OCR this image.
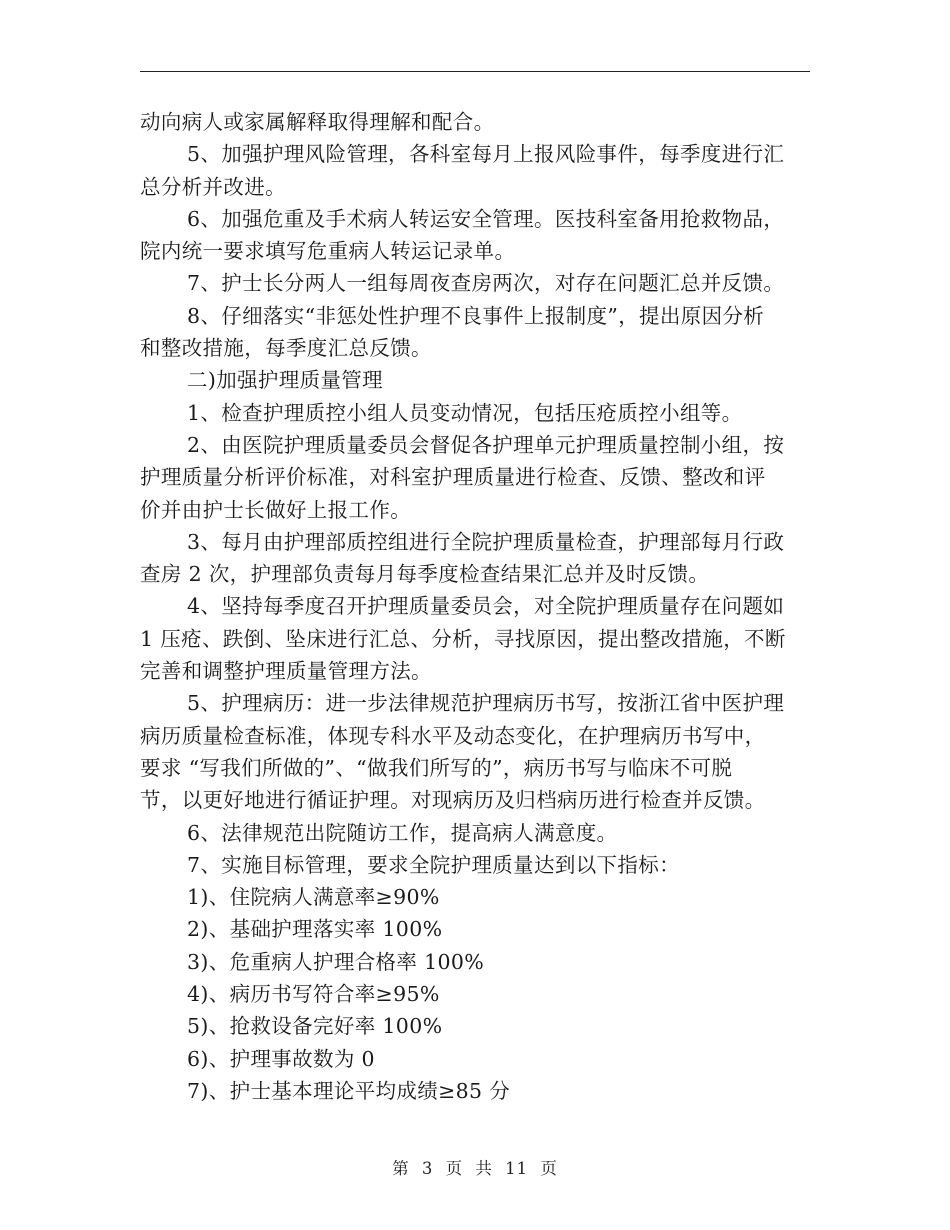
动向病人或家属解释取得理解和配合。
5、加强护理风险管理，各科室每月上报风险事件，每季度进行汇
总分析并改进。
6、加强危重及手术病人转运安全管理。医技科室备用抢救物品，
院内统一要求填写危重病人转运记录单。
7、护士长分两人一组每周夜查房两次，对存在问题汇总并反馈。
8、仔细落实“非惩处性护理不良事件上报制度”，提出原因分析
和整改措施，每季度汇总反馈。
二)加强护理质量管理
1、检查护理质控小组人员变动情况，包括压疮质控小组等。
2、由医院护理质量委员会督促各护理单元护理质量控制小组，按
护理质量分析评价标准，对科室护理质量进行检查、反馈、整改和评
价并由护士长做好上报工作。
3、每月由护理部质控组进行全院护理质量检查，护理部每月行政
查房 2 次，护理部负责每月每季度检查结果汇总并及时反馈。
4、坚持每季度召开护理质量委员会，对全院护理质量存在问题如
1 压疮、跌倒、坠床进行汇总、分析，寻找原因，提出整改措施，不断
完善和调整护理质量管理方法。
5、护理病历：进一步法律规范护理病历书写，按浙江省中医护理
病历质量检查标准，体现专科水平及动态变化，在护理病历书写中，
要求 “写我们所做的”、“做我们所写的”，病历书写与临床不可脱
节，以更好地进行循证护理。对现病历及归档病历进行检查并反馈。
6、法律规范出院随访工作，提高病人满意度。
7、实施目标管理，要求全院护理质量达到以下指标：
1)、住院病人满意率≥90%
2)、基础护理落实率 100%
3)、危重病人护理合格率 100%
4)、病历书写符合率≥95%
5)、抢救设备完好率 100%
6)、护理事故数为 0
7)、护士基本理论平均成绩≥85 分
第 3 页 共 11 页
